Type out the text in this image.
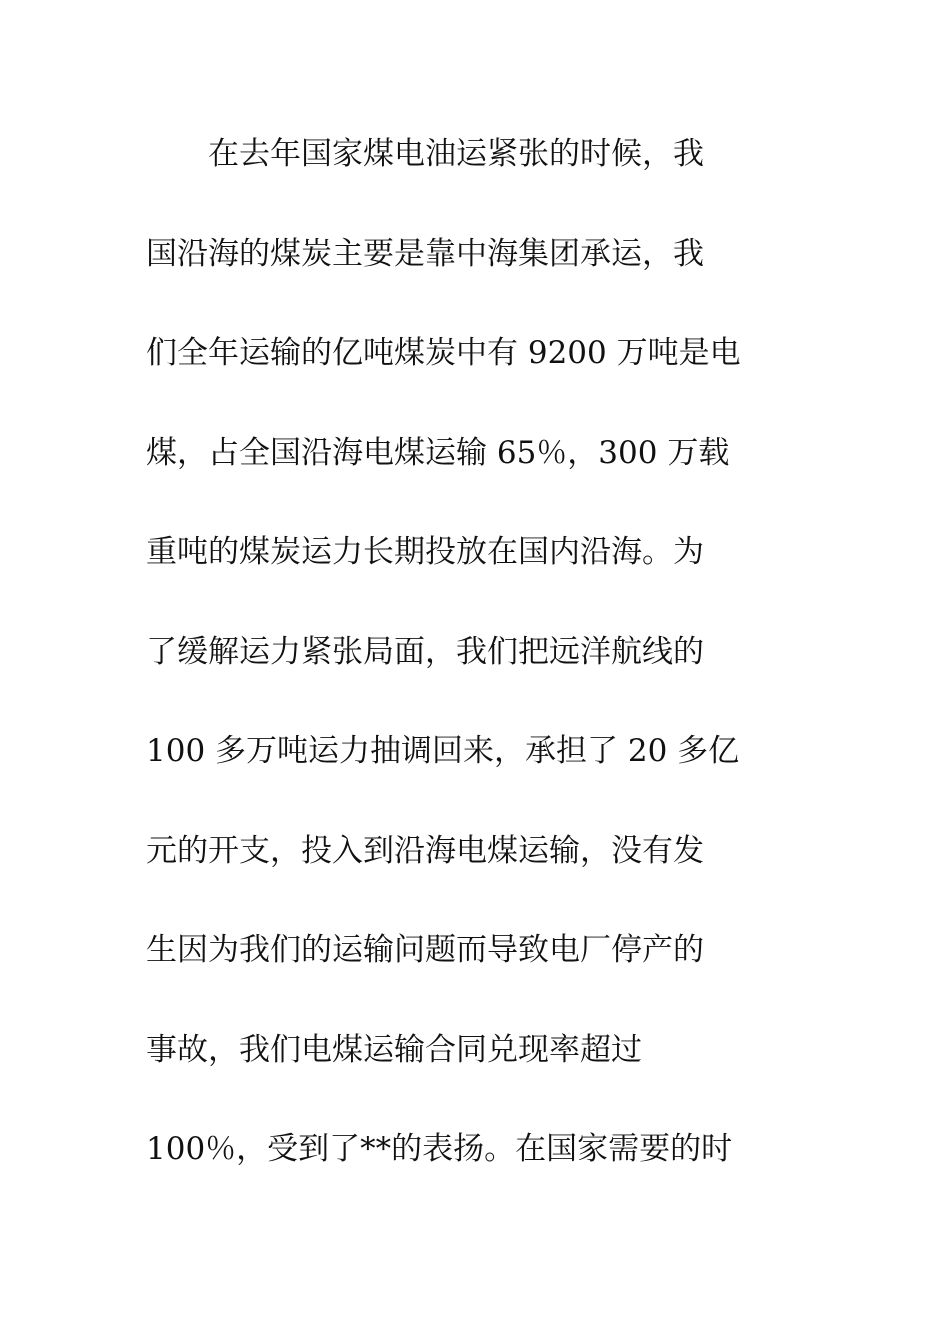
　　在去年国家煤电油运紧张的时候，我
国沿海的煤炭主要是靠中海集团承运，我
们全年运输的亿吨煤炭中有 9200 万吨是电
煤，占全国沿海电煤运输 65％，300 万载
重吨的煤炭运力长期投放在国内沿海。为
了缓解运力紧张局面，我们把远洋航线的
100 多万吨运力抽调回来，承担了 20 多亿
元的开支，投入到沿海电煤运输，没有发
生因为我们的运输问题而导致电厂停产的
事故，我们电煤运输合同兑现率超过
100％，受到了**的表扬。在国家需要的时
